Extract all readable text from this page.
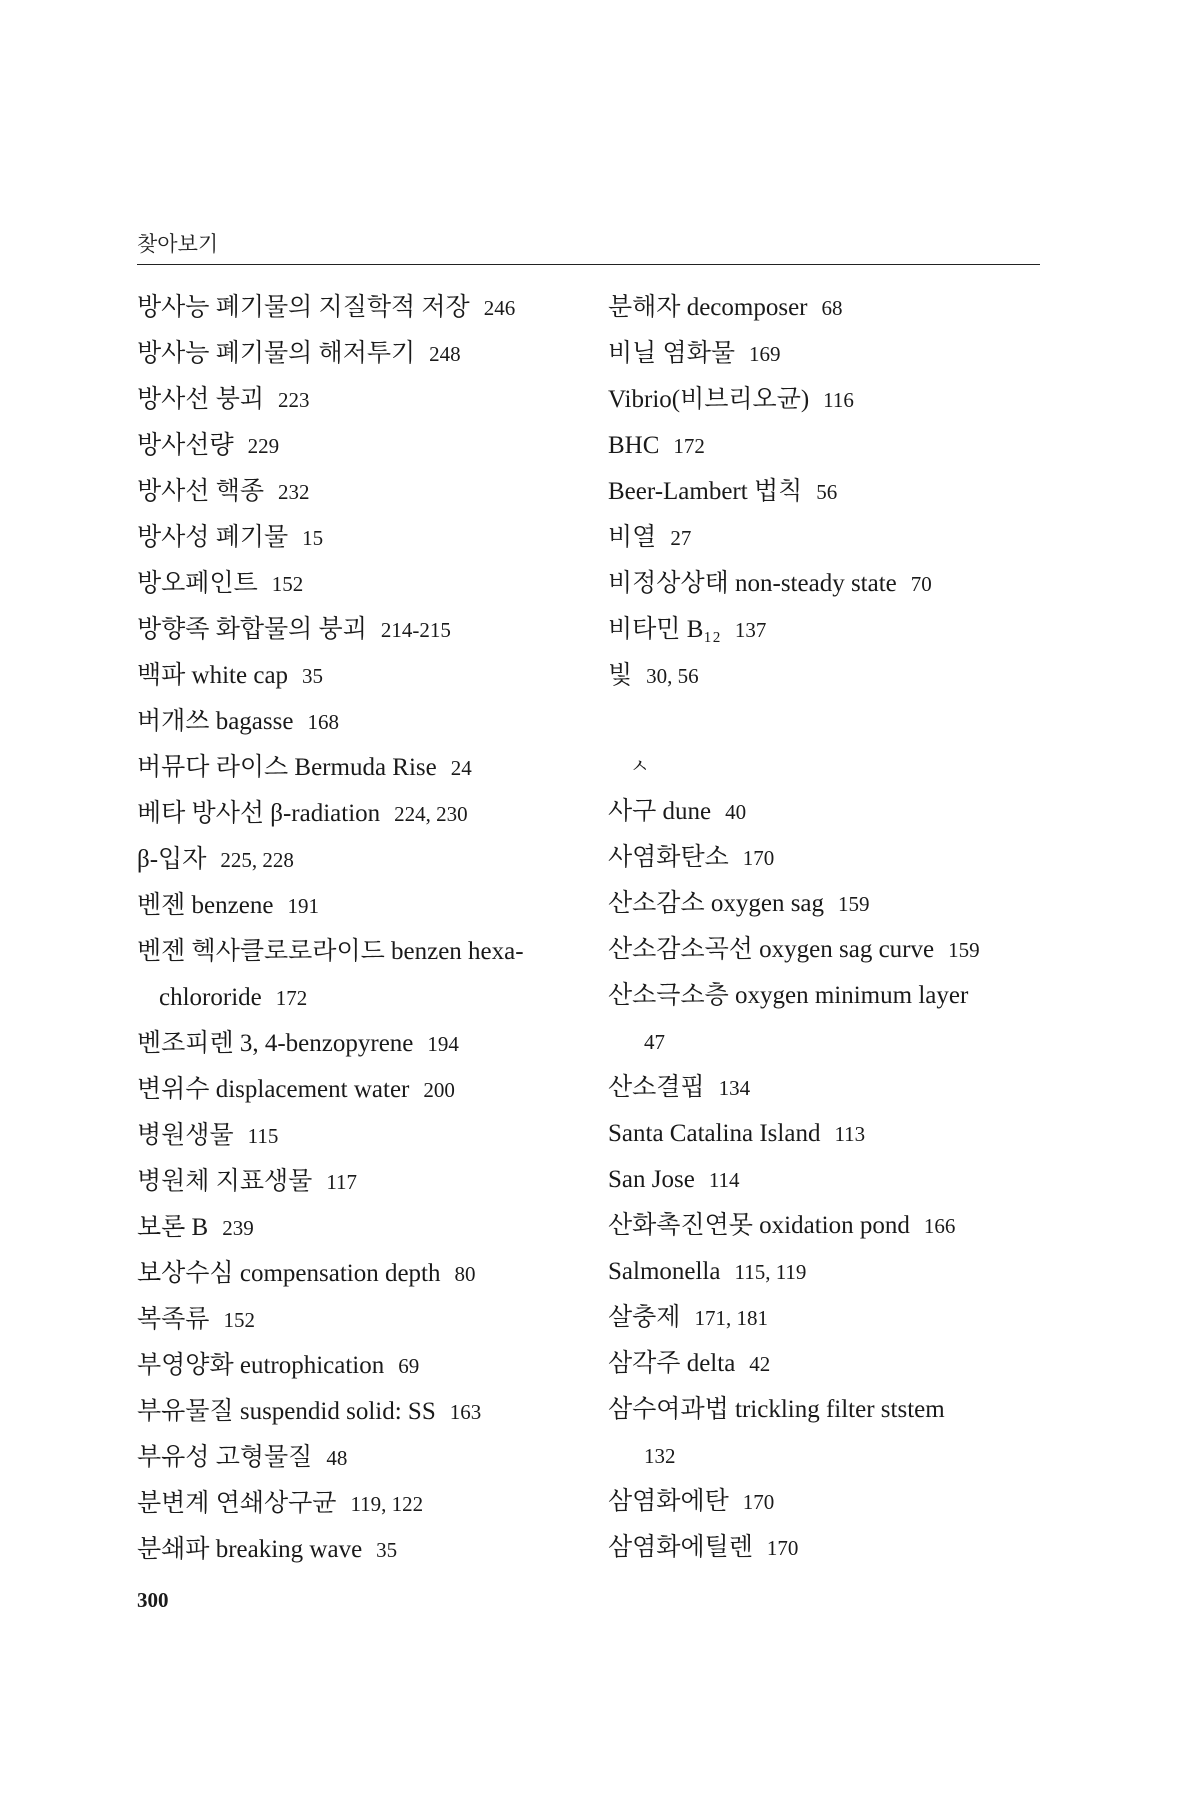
찾아보기
방사능 폐기물의 지질학적 저장 246
방사능 폐기물의 해저투기 248
방사선 붕괴 223
방사선량 229
방사선 핵종 232
방사성 폐기물 15
방오페인트 152
방향족 화합물의 붕괴 214-215
백파 white cap 35
버개쓰 bagasse 168
버뮤다 라이스 Bermuda Rise 24
베타 방사선 β-radiation 224, 230
β-입자 225, 228
벤젠 benzene 191
벤젠 헥사클로로라이드 benzen hexa-
chlororide 172
벤조피렌 3, 4-benzopyrene 194
변위수 displacement water 200
병원생물 115
병원체 지표생물 117
보론 B 239
보상수심 compensation depth 80
복족류 152
부영양화 eutrophication 69
부유물질 suspendid solid: SS 163
부유성 고형물질 48
분변계 연쇄상구균 119, 122
분쇄파 breaking wave 35
분해자 decomposer 68
비닐 염화물 169
Vibrio(비브리오균) 116
BHC 172
Beer-Lambert 법칙 56
비열 27
비정상상태 non-steady state 70
비타민 B₁₂ 137
빛 30, 56
ㅅ
사구 dune 40
사염화탄소 170
산소감소 oxygen sag 159
산소감소곡선 oxygen sag curve 159
산소극소층 oxygen minimum layer
47
산소결핍 134
Santa Catalina Island 113
San Jose 114
산화촉진연못 oxidation pond 166
Salmonella 115, 119
살충제 171, 181
삼각주 delta 42
삼수여과법 trickling filter ststem
132
삼염화에탄 170
삼염화에틸렌 170
300
